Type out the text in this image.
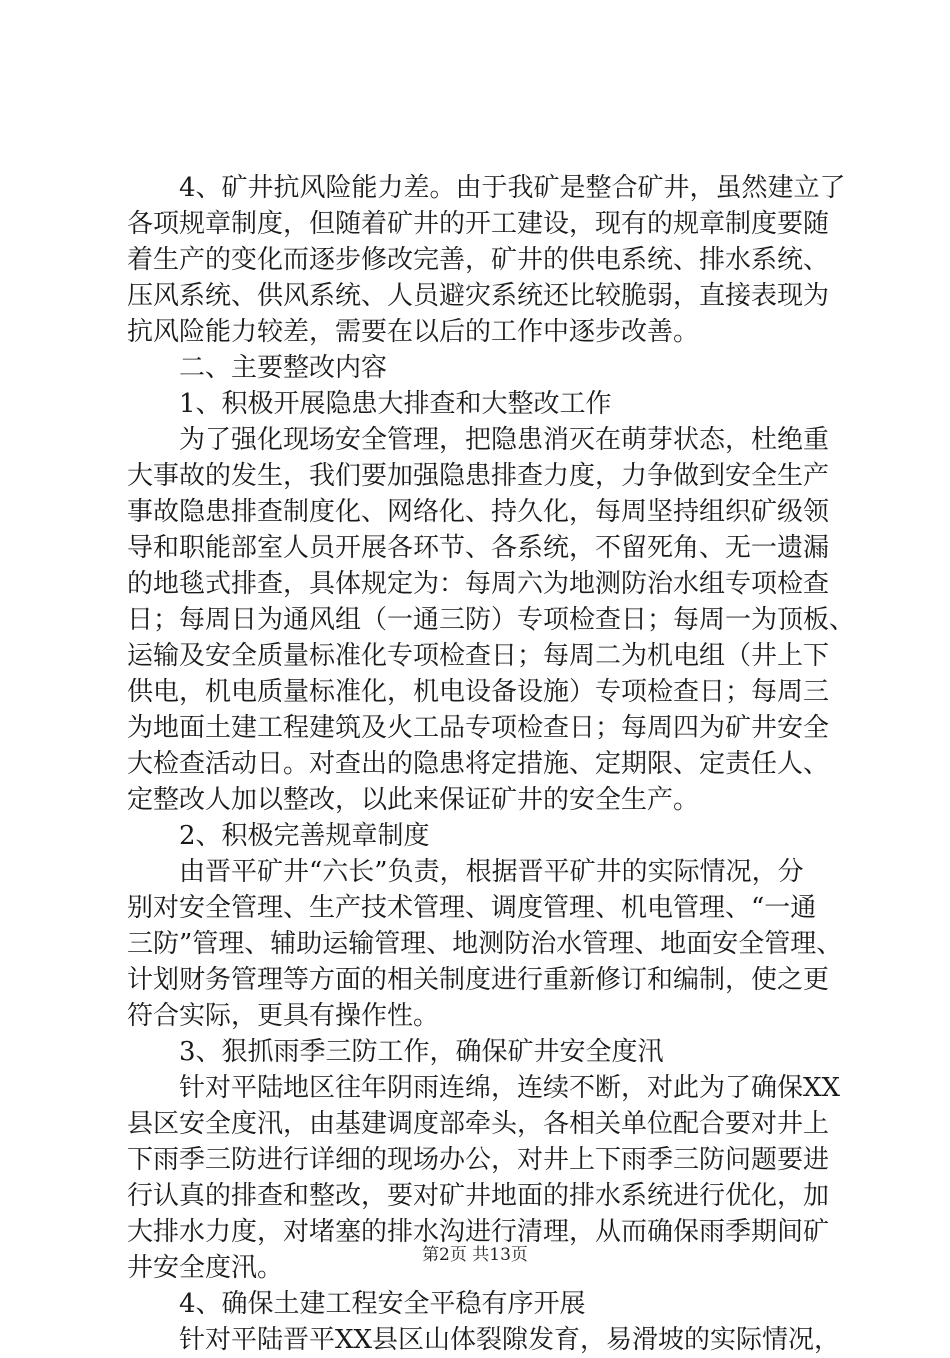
4、矿井抗风险能力差。由于我矿是整合矿井，虽然建立了
各项规章制度，但随着矿井的开工建设，现有的规章制度要随
着生产的变化而逐步修改完善，矿井的供电系统、排水系统、
压风系统、供风系统、人员避灾系统还比较脆弱，直接表现为
抗风险能力较差，需要在以后的工作中逐步改善。
二、主要整改内容
1、积极开展隐患大排查和大整改工作
为了强化现场安全管理，把隐患消灭在萌芽状态，杜绝重
大事故的发生，我们要加强隐患排查力度，力争做到安全生产
事故隐患排查制度化、网络化、持久化，每周坚持组织矿级领
导和职能部室人员开展各环节、各系统，不留死角、无一遗漏
的地毯式排查，具体规定为：每周六为地测防治水组专项检查
日；每周日为通风组（一通三防）专项检查日；每周一为顶板、
运输及安全质量标准化专项检查日；每周二为机电组（井上下
供电，机电质量标准化，机电设备设施）专项检查日；每周三
为地面土建工程建筑及火工品专项检查日；每周四为矿井安全
大检查活动日。对查出的隐患将定措施、定期限、定责任人、
定整改人加以整改，以此来保证矿井的安全生产。
2、积极完善规章制度
由晋平矿井“六长”负责，根据晋平矿井的实际情况，分
别对安全管理、生产技术管理、调度管理、机电管理、“一通
三防”管理、辅助运输管理、地测防治水管理、地面安全管理、
计划财务管理等方面的相关制度进行重新修订和编制，使之更
符合实际，更具有操作性。
3、狠抓雨季三防工作，确保矿井安全度汛
针对平陆地区往年阴雨连绵，连续不断，对此为了确保XX
县区安全度汛，由基建调度部牵头，各相关单位配合要对井上
下雨季三防进行详细的现场办公，对井上下雨季三防问题要进
行认真的排查和整改，要对矿井地面的排水系统进行优化，加
大排水力度，对堵塞的排水沟进行清理，从而确保雨季期间矿
井安全度汛。
4、确保土建工程安全平稳有序开展
针对平陆晋平XX县区山体裂隙发育，易滑坡的实际情况，
第2页 共13页
